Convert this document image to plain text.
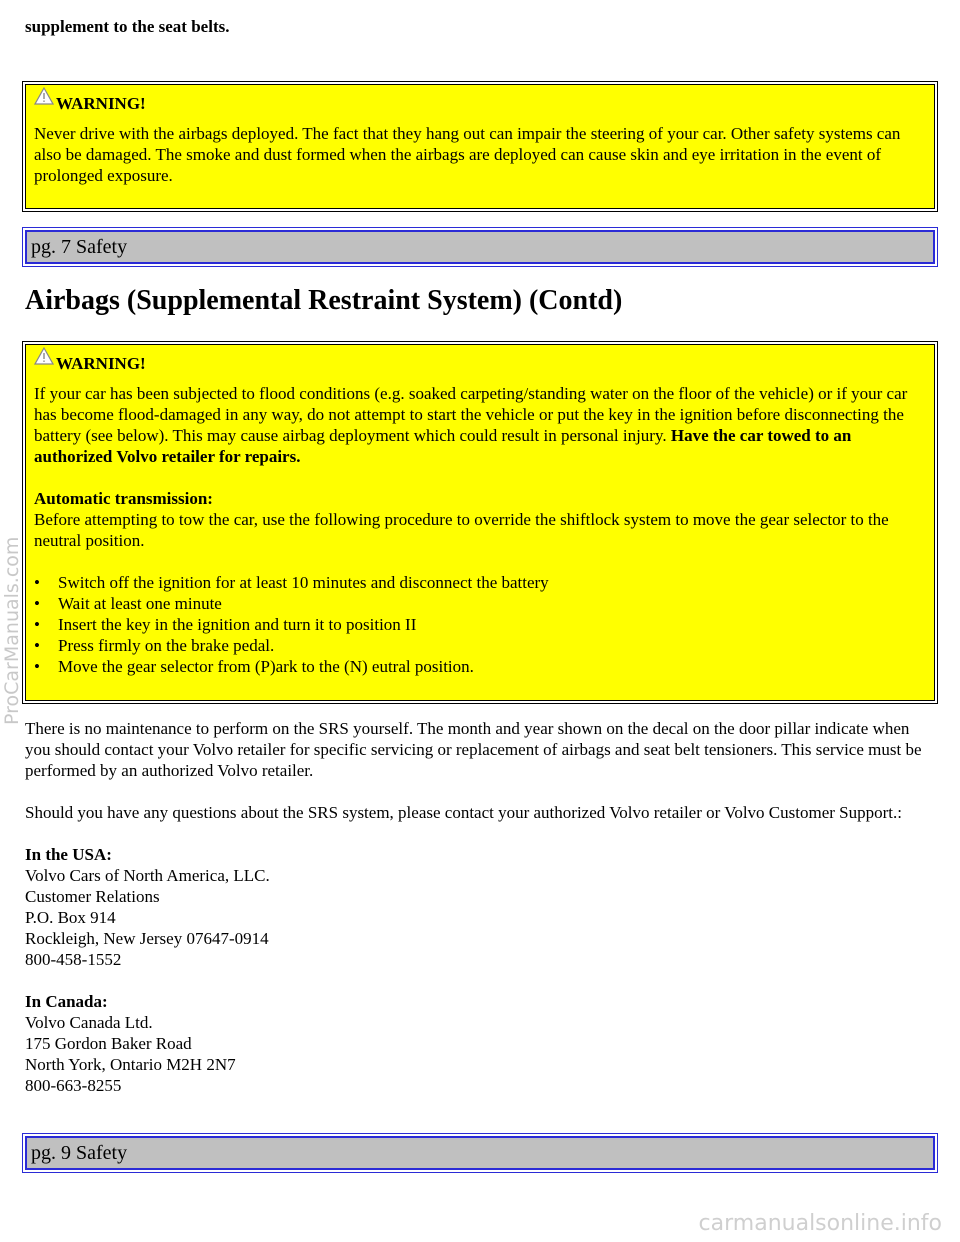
supplement to the seat belts.

WARNING!

Never drive with the airbags deployed. The fact that they hang out can impair the steering of your car. Other safety systems can also be damaged. The smoke and dust formed when the airbags are deployed can cause skin and eye irritation in the event of prolonged exposure.

pg. 7 Safety
Airbags (Supplemental Restraint System) (Contd)
WARNING!

If your car has been subjected to flood conditions (e.g. soaked carpeting/standing water on the floor of the vehicle) or if your car has become flood-damaged in any way, do not attempt to start the vehicle or put the key in the ignition before disconnecting the battery (see below). This may cause airbag deployment which could result in personal injury. Have the car towed to an authorized Volvo retailer for repairs.

Automatic transmission:
Before attempting to tow the car, use the following procedure to override the shiftlock system to move the gear selector to the neutral position.

•	Switch off the ignition for at least 10 minutes and disconnect the battery
•	Wait at least one minute
•	Insert the key in the ignition and turn it to position II
•	Press firmly on the brake pedal.
•	Move the gear selector from (P)ark to the (N) eutral position.

There is no maintenance to perform on the SRS yourself. The month and year shown on the decal on the door pillar indicate when you should contact your Volvo retailer for specific servicing or replacement of airbags and seat belt tensioners. This service must be performed by an authorized Volvo retailer.

Should you have any questions about the SRS system, please contact your authorized Volvo retailer or Volvo Customer Support.:

In the USA:
Volvo Cars of North America, LLC.
Customer Relations
P.O. Box 914
Rockleigh, New Jersey 07647-0914
800-458-1552
In Canada:
Volvo Canada Ltd.
175 Gordon Baker Road
North York, Ontario M2H 2N7
800-663-8255
pg. 9 Safety
ProCarManuals.com
carmanualsonline.info
